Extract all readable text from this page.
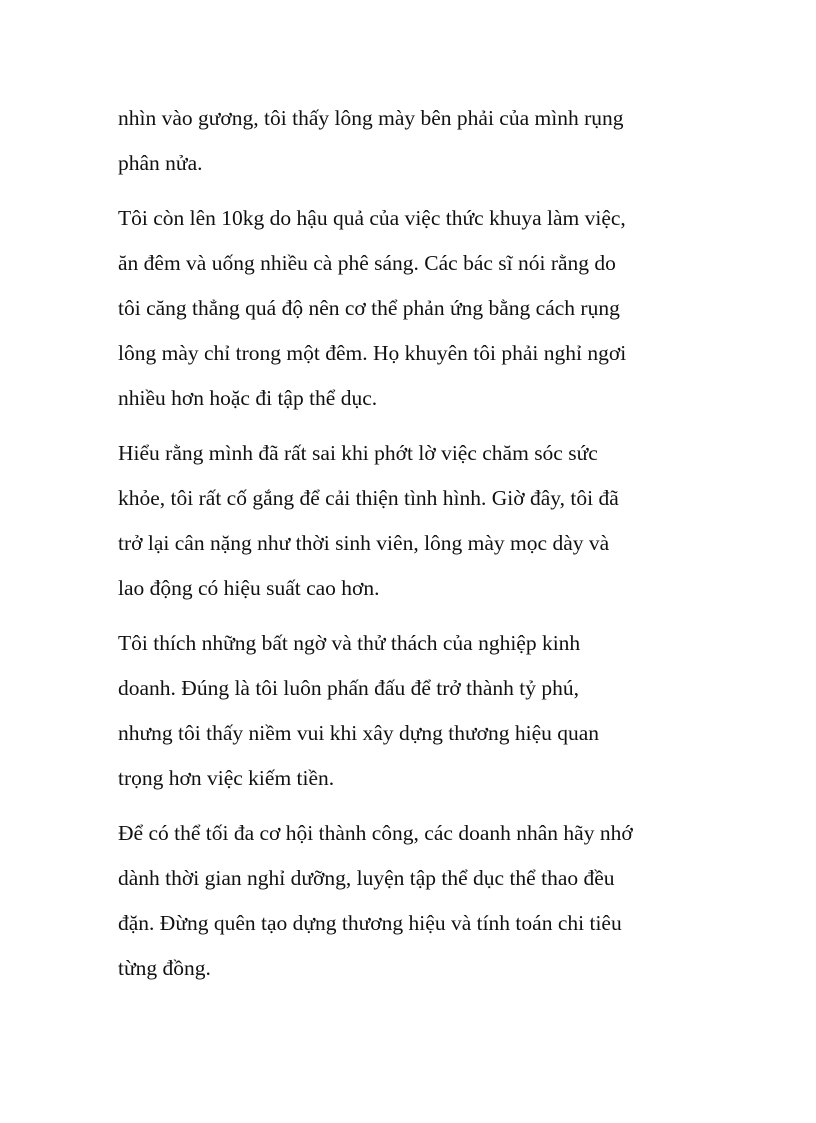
nhìn vào gương, tôi thấy lông mày bên phải của mình rụng
phân nửa.

Tôi còn lên 10kg do hậu quả của việc thức khuya làm việc,
ăn đêm và uống nhiều cà phê sáng. Các bác sĩ nói rằng do
tôi căng thẳng quá độ nên cơ thể phản ứng bằng cách rụng
lông mày chỉ trong một đêm. Họ khuyên tôi phải nghỉ ngơi
nhiều hơn hoặc đi tập thể dục.

Hiểu rằng mình đã rất sai khi phớt lờ việc chăm sóc sức
khỏe, tôi rất cố gắng để cải thiện tình hình. Giờ đây, tôi đã
trở lại cân nặng như thời sinh viên, lông mày mọc dày và
lao động có hiệu suất cao hơn.

Tôi thích những bất ngờ và thử thách của nghiệp kinh
doanh. Đúng là tôi luôn phấn đấu để trở thành tỷ phú,
nhưng tôi thấy niềm vui khi xây dựng thương hiệu quan
trọng hơn việc kiếm tiền.

Để có thể tối đa cơ hội thành công, các doanh nhân hãy nhớ
dành thời gian nghỉ dưỡng, luyện tập thể dục thể thao đều
đặn. Đừng quên tạo dựng thương hiệu và tính toán chi tiêu
từng đồng.
